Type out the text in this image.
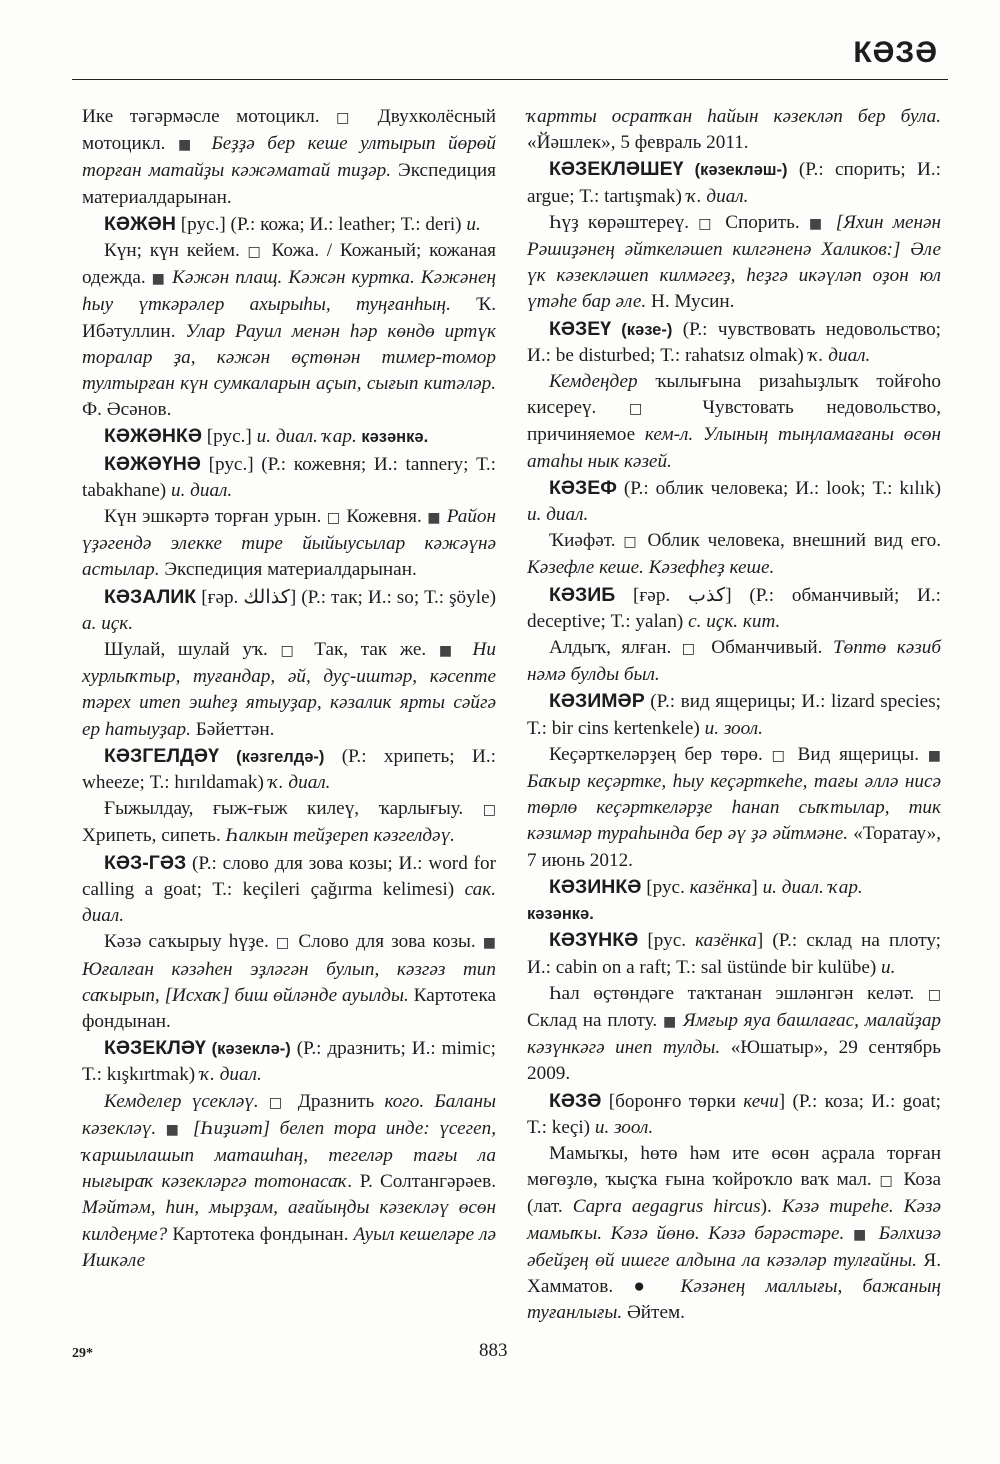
КӘЗӘ

Ике тәгәрмәсле мотоцикл. □ Двухколёсный мотоцикл. ■ Беҙҙә бер кеше ултырып йөрөй торған матайҙы кәжәматай тиҙәр. Экспедиция материалдарынан.

КӘЖӘН [рус.] (Р.: кожа; И.: leather; Т.: deri) и.

Күн; күн кейем. □ Кожа. / Кожаный; кожаная одежда. ■ Кәжән плащ. Кәжән куртка. Кәжәнең һыу үткәрәлер ахырыһы, туңғанһың. Ҡ. Ибәтуллин. Улар Рауил менән һәр көндө иртүк торалар ҙа, кәжән өҫтөнән тимер-томор тултырған күн сумкаларын аҫып, сығып китәләр. Ф. Әсәнов.

КӘЖӘНКӘ [рус.] и. диал. ҡар. кәзәнкә.

КӘЖӘҮНӘ [рус.] (Р.: кожевня; И.: tannery; Т.: tabakhane) и. диал.

Күн эшкәртә торған урын. □ Кожевня. ■ Район үҙәгендә элекке тире йыйыусылар кәжәүнә астылар. Экспедиция материалдарынан.

КӘЗАЛИК [ғәр. كذالك] (Р.: так; И.: so; Т.: şöyle) а. иҫк.

Шулай, шулай уҡ. □ Так, так же. ■ Ни хурлыҡтыр, туғандар, әй, дуҫ-иштәр, кәсепте тәрех итеп эшһеҙ ятыуҙар, кәзалик ярты сәйгә ер һатыуҙар. Бәйеттән.

КӘЗГЕЛДӘҮ (кәзгелдә-) (Р.: хрипеть; И.: wheeze; Т.: hırıldamak) ҡ. диал.

Ғыжылдау, ғыж-ғыж килеү, ҡарлығыу. □ Хрипеть, сипеть. Һалкын тейҙереп кәзгелдәү.

КӘЗ-ГӘЗ (Р.: слово для зова козы; И.: word for calling a goat; Т.: keçileri çağırma kelimesi) сак. диал.

Кәзә саҡырыу һүҙе. □ Слово для зова козы. ■ Юғалған кәзәһен эҙләгән булып, кәзгәз тип саҡырып, [Исхаҡ] биш өйләнде ауылды. Картотека фондынан.

КӘЗЕКЛӘҮ (кәзеклә-) (Р.: дразнить; И.: mimic; Т.: kışkırtmak) ҡ. диал.

Кемделер үсекләү. □ Дразнить кого. Баланы кәзекләү. ■ [Һиҙиәт] белеп тора инде: үсегеп, ҡаршылашып маташһаң, тегеләр тағы ла нығыраҡ кәзекләргә тотонасаҡ. Р. Солтангәрәев. Мәйтәм, һин, мырҙам, ағайыңды кәзекләү өсөн килдеңме? Картотека фондынан. Ауыл кешеләре лә Ишкәле

ҡартты осратҡан һайын кәзекләп бер була. «Йәшлек», 5 февраль 2011.

КӘЗЕКЛӘШЕҮ (кәзекләш-) (Р.: спорить; И.: argue; Т.: tartışmak) ҡ. диал.

Һүҙ көрәштереү. □ Спорить. ■ [Яхин менән Рәшиҙәнең әйткеләшеп килгәненә Халиков:] Әле үк кәзекләшеп килмәгеҙ, һеҙгә икәүләп оҙон юл үтәһе бар әле. Н. Мусин.

КӘЗЕҮ (кәзе-) (Р.: чувствовать недовольство; И.: be disturbed; Т.: rahatsız olmak) ҡ. диал.

Кемдеңдер ҡылығына ризаһыҙлыҡ тойғоһо кисереү. □ Чувстовать недовольство, причиняемое кем-л. Улының тыңламағаны өсөн атаһы нык кәзей.

КӘЗЕФ (Р.: облик человека; И.: look; Т.: kılık) и. диал.

Ҡиәфәт. □ Облик человека, внешний вид его. Кәзефле кеше. Кәзефһеҙ кеше.

КӘЗИБ [ғәр. كذب] (Р.: обманчивый; И.: deceptive; Т.: yalan) с. иҫк. кит.

Алдыҡ, ялған. □ Обманчивый. Төптө кәзиб нәмә булды был.

КӘЗИМӘР (Р.: вид ящерицы; И.: lizard species; Т.: bir cins kertenkele) и. зоол.

Кеҫәрткеләрҙең бер төрө. □ Вид ящерицы. ■ Баҡыр кеҫәртке, һыу кеҫәрткеһе, тағы әллә нисә төрлө кеҫәрткеләрҙе һанап сыҡтылар, тик кәзимәр тураһында бер әү ҙә әйтмәне. «Торатау», 7 июнь 2012.

КӘЗИНКӘ [рус. казёнка] и. диал. ҡар.

кәзәнкә.

КӘЗҮНКӘ [рус. казёнка] (Р.: склад на плоту; И.: cabin on a raft; Т.: sal üstünde bir kulübe) и.

Һал өҫтөндәге таҡтанан эшләнгән келәт. □ Склад на плоту. ■ Ямғыр яуа башлағас, малайҙар кәзүнкәгә инеп тулды. «Юшатыр», 29 сентябрь 2009.

КӘЗӘ [боронғо төрки кечи] (Р.: коза; И.: goat; Т.: keçi) и. зоол.

Мамыҡы, һөтө һәм ите өсөн аҫрала торған мөгөҙлө, ҡыҫҡа ғына ҡойроҡло ваҡ мал. □ Коза (лат. Capra aegagrus hircus). Кәзә тиреһе. Кәзә мамыҡы. Кәзә йөнө. Кәзә бәрәстәре. ■ Бәлхизә әбейҙең өй ишеге алдына ла кәзәләр тулғайны. Я. Хамматов. ● Кәзәнең маллығы, бажаның туғанлығы. Әйтем.

29*	883
